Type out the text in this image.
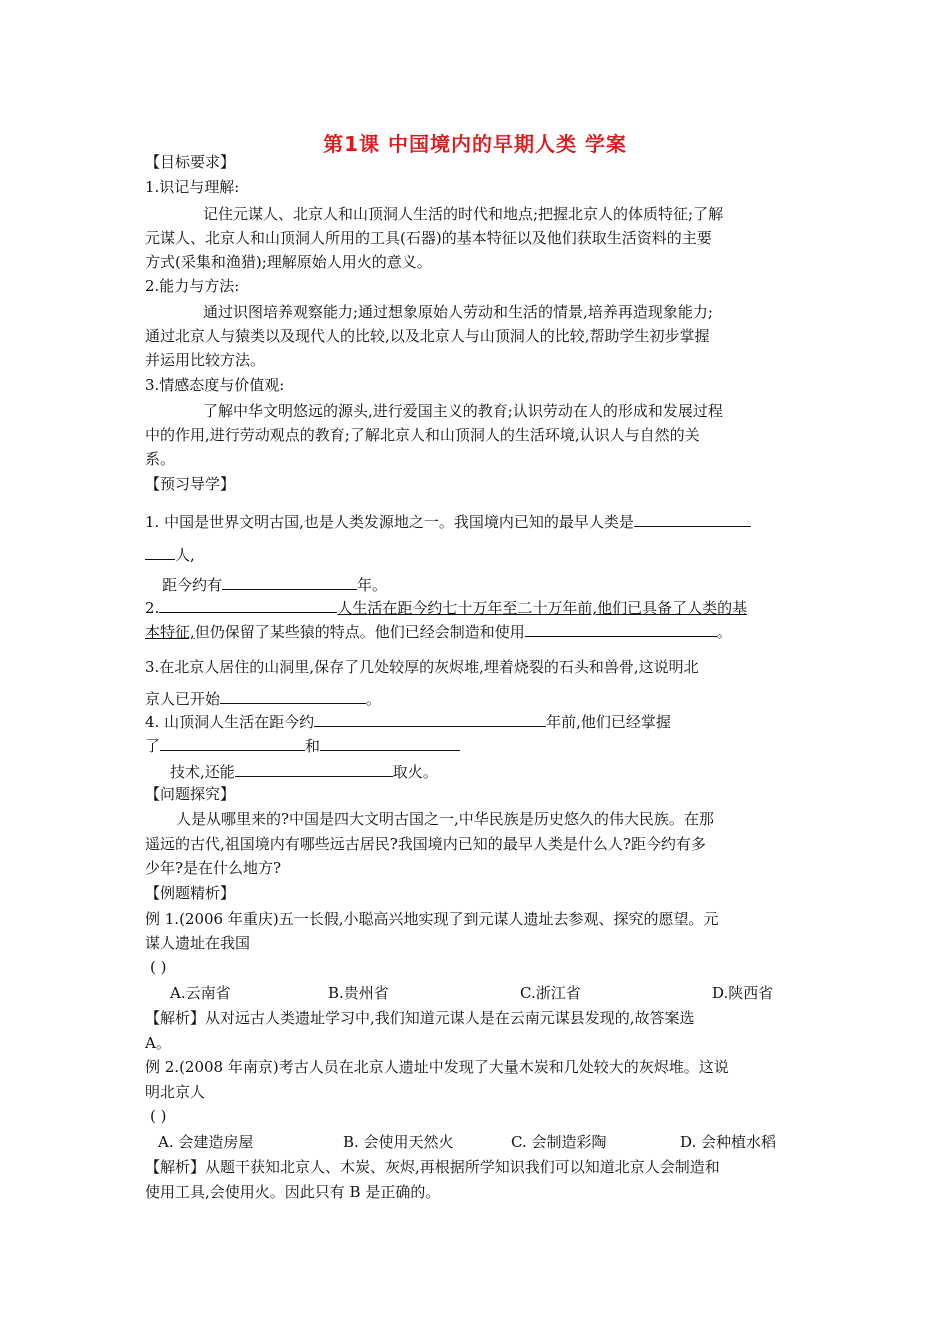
第1课 中国境内的早期人类 学案
【目标要求】
1.识记与理解:
记住元谋人、北京人和山顶洞人生活的时代和地点;把握北京人的体质特征;了解
元谋人、北京人和山顶洞人所用的工具(石器)的基本特征以及他们获取生活资料的主要
方式(采集和渔猎);理解原始人用火的意义。
2.能力与方法:
通过识图培养观察能力;通过想象原始人劳动和生活的情景,培养再造现象能力;
通过北京人与猿类以及现代人的比较,以及北京人与山顶洞人的比较,帮助学生初步掌握
并运用比较方法。
3.情感态度与价值观:
了解中华文明悠远的源头,进行爱国主义的教育;认识劳动在人的形成和发展过程
中的作用,进行劳动观点的教育;了解北京人和山顶洞人的生活环境,认识人与自然的关
系。
【预习导学】
1. 中国是世界文明古国,也是人类发源地之一。我国境内已知的最早人类是
人,
距今约有	年。
2.	人生活在距今约七十万年至二十万年前,他们已具备了人类的基
本特征,但仍保留了某些猿的特点。他们已经会制造和使用	。
3.在北京人居住的山洞里,保存了几处较厚的灰烬堆,埋着烧裂的石头和兽骨,这说明北
京人已开始	。
4. 山顶洞人生活在距今约	年前,他们已经掌握
了	和
技术,还能	取火。
【问题探究】
人是从哪里来的?中国是四大文明古国之一,中华民族是历史悠久的伟大民族。在那
遥远的古代,祖国境内有哪些远古居民?我国境内已知的最早人类是什么人?距今约有多
少年?是在什么地方?
【例题精析】
例 1.(2006 年重庆)五一长假,小聪高兴地实现了到元谋人遗址去参观、探究的愿望。元
谋人遗址在我国
( )
A.云南省	B.贵州省	C.浙江省	D.陕西省
【解析】从对远古人类遗址学习中,我们知道元谋人是在云南元谋县发现的,故答案选
A。
例 2.(2008 年南京)考古人员在北京人遗址中发现了大量木炭和几处较大的灰烬堆。这说
明北京人
( )
A. 会建造房屋	B. 会使用天然火	C. 会制造彩陶	D. 会种植水稻
【解析】从题干获知北京人、木炭、灰烬,再根据所学知识我们可以知道北京人会制造和
使用工具,会使用火。因此只有 B 是正确的。
